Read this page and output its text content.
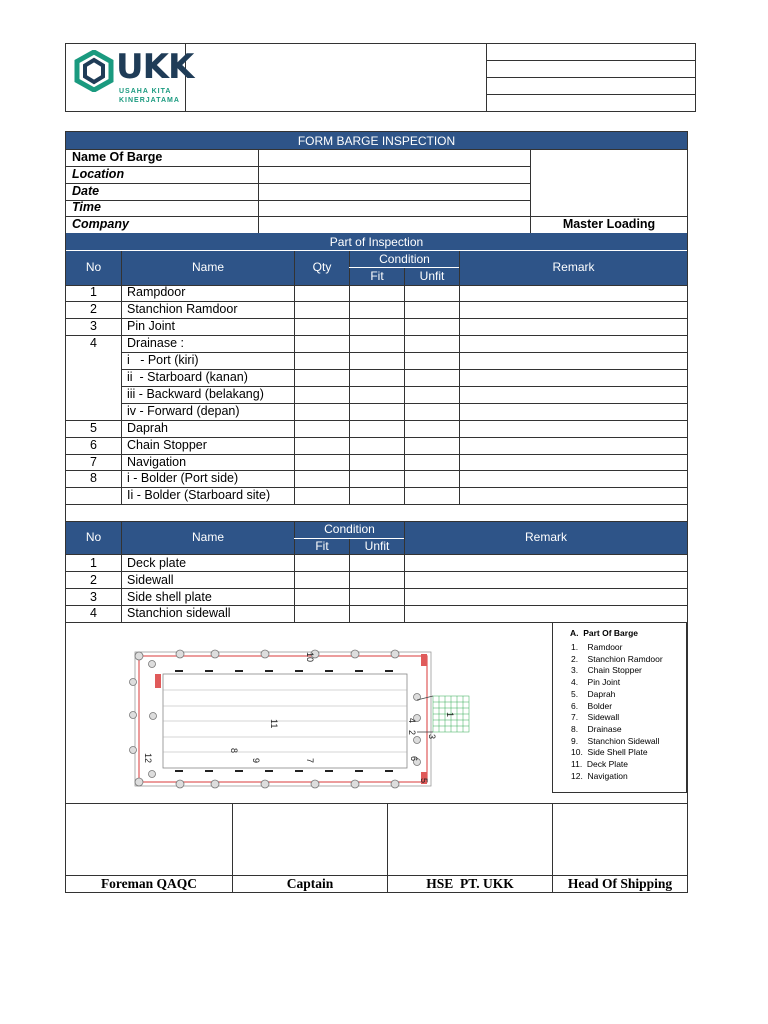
UKK
USAHA KITA
KINERJATAMA
FORM BARGE INSPECTION
Name Of Barge
Location
Date
Time
Company	Master Loading
Part of Inspection
No	Name	Qty
Condition
Fit	Unfit
Remark
1	Rampdoor
2	Stanchion Ramdoor
3	Pin Joint
4	Drainase :
i   - Port (kiri)
ii  - Starboard (kanan)
iii - Backward (belakang)
iv - Forward (depan)
5	Daprah
6	Chain Stopper
7	Navigation
8	i - Bolder (Port side)
Ii - Bolder (Starboard site)
No	Name
Condition
Fit	Unfit
Remark
1	Deck plate
2	Sidewall
3	Side shell plate
4	Stanchion sidewall
10
11
8
9	7
12
4
2
3
6
5
1
A.  Part Of Barge
1.    Ramdoor
2.    Stanchion Ramdoor
3.    Chain Stopper
4.    Pin Joint
5.    Daprah
6.    Bolder
7.    Sidewall
8.    Drainase
9.    Stanchion Sidewall
10.  Side Shell Plate
11.  Deck Plate
12.  Navigation
Foreman QAQC	Captain	HSE  PT. UKK	Head Of Shipping
